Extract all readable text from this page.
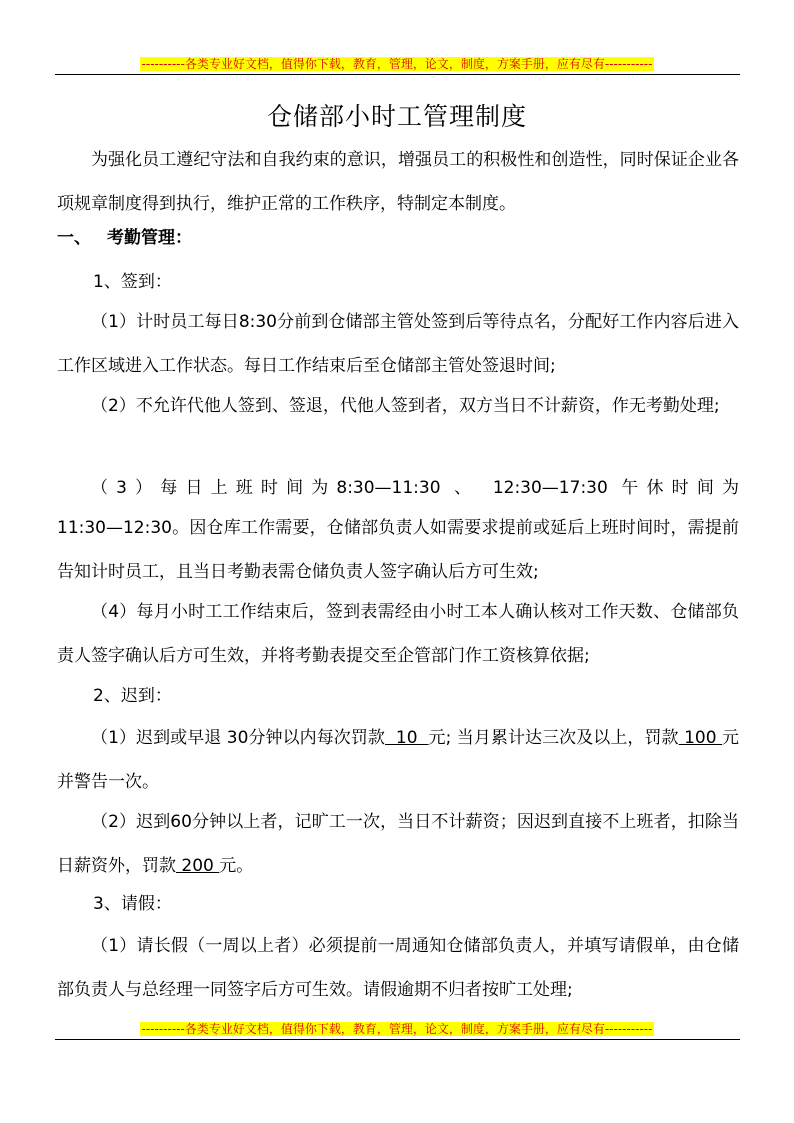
----------各类专业好文档，值得你下载，教育，管理，论文，制度，方案手册，应有尽有-----------
仓储部小时工管理制度

为强化员工遵纪守法和自我约束的意识，增强员工的积极性和创造性，同时保证企业各项规章制度得到执行，维护正常的工作秩序，特制定本制度。

一、 考勤管理：
1、签到：

（1）计时员工每日8:30分前到仓储部主管处签到后等待点名，分配好工作内容后进入工作区域进入工作状态。每日工作结束后至仓储部主管处签退时间;

（2）不允许代他人签到、签退，代他人签到者，双方当日不计薪资，作无考勤处理;

（3）每日上班时间为8:30—11:30 、 12:30—17:30 午休时间为

11:30—12:30。因仓库工作需要，仓储部负责人如需要求提前或延后上班时间时，需提前告知计时员工，且当日考勤表需仓储负责人签字确认后方可生效;

（4）每月小时工工作结束后，签到表需经由小时工本人确认核对工作天数、仓储部负责人签字确认后方可生效，并将考勤表提交至企管部门作工资核算依据;

2、迟到：

（1）迟到或早退 30分钟以内每次罚款  10  元; 当月累计达三次及以上，罚款 100 元并警告一次。

（2）迟到60分钟以上者，记旷工一次，当日不计薪资；因迟到直接不上班者，扣除当日薪资外，罚款 200 元。

3、请假：

（1）请长假（一周以上者）必须提前一周通知仓储部负责人，并填写请假单，由仓储部负责人与总经理一同签字后方可生效。请假逾期不归者按旷工处理;

----------各类专业好文档，值得你下载，教育，管理，论文，制度，方案手册，应有尽有-----------
